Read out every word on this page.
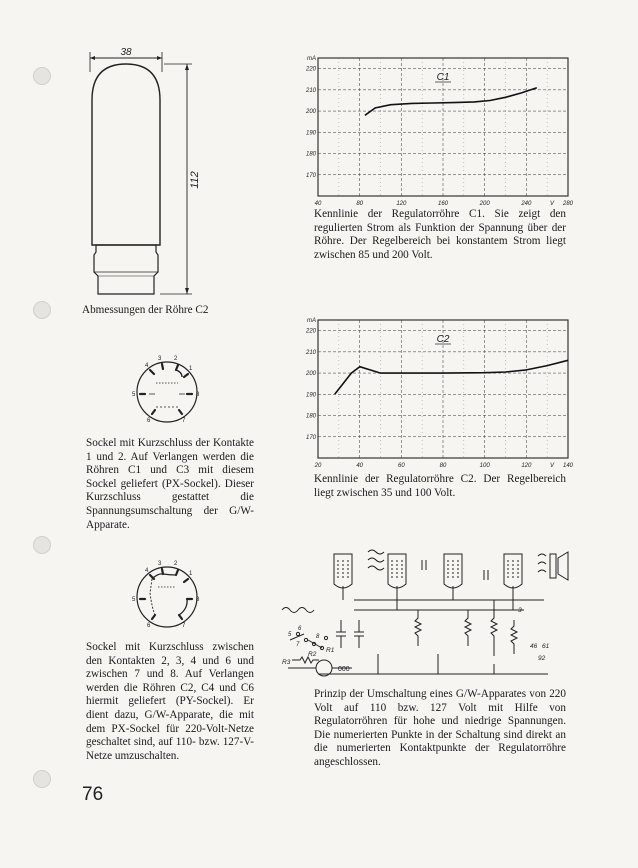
38
112
Abmessungen der Röhre C2
4
3 2
1
5	8
6	7
Sockel mit Kurzschluss der Kontakte 1 und 2. Auf Verlangen werden die Röhren C1 und C3 mit diesem Sockel geliefert (PX-Sockel). Dieser Kurzschluss gestattet die Spannungsumschaltung der G/W-Apparate.
4
3 2
1
5	8
6	7
Sockel mit Kurzschluss zwischen den Kontakten 2, 3, 4 und 6 und zwischen 7 und 8. Auf Verlangen werden die Röhren C2, C4 und C6 hiermit geliefert (PY-Sockel). Er dient dazu, G/W-Apparate, die mit dem PX-Sockel für 220-Volt-Netze geschaltet sind, auf 110- bzw. 127-V-Netze umzuschalten.
40	80	120	160	200	240	280
170
180
190
200
210
220
mA
V
C1
Kennlinie der Regulatorröhre C1. Sie zeigt den regulierten Strom als Funktion der Spannung über der Röhre. Der Regelbereich bei konstantem Strom liegt zwischen 85 und 200 Volt.
20	40	60	80	100	120	140
170
180
190
200
210
220
mA
V
C2
Kennlinie der Regulatorröhre C2. Der Regelbereich liegt zwischen 35 und 100 Volt.
R3
R2
R1
000
61
92
46
3
5
6
7
8
Prinzip der Umschaltung eines G/W-Apparates von 220 Volt auf 110 bzw. 127 Volt mit Hilfe von Regulatorröhren für hohe und niedrige Spannungen. Die numerierten Punkte in der Schaltung sind direkt an die numerierten Kontaktpunkte der Regulatorröhre angeschlossen.
76
